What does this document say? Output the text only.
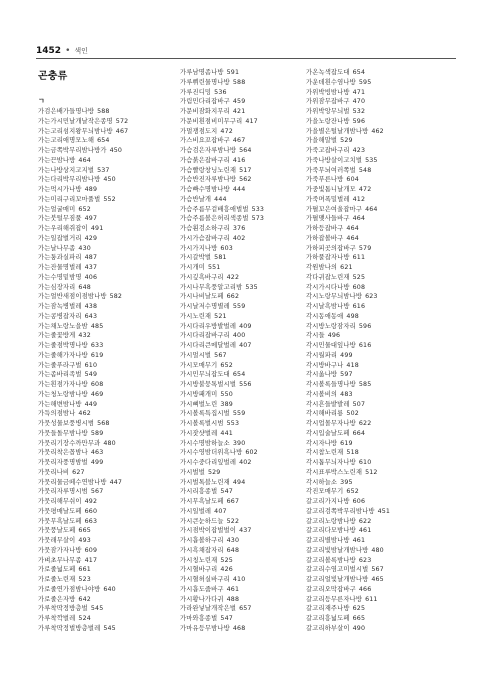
1452 • 색인
곤충류
ㄱ
가검은배가들명나방 588
가는가시민날개날작은종명 572
가는고리섬지왕무늬밤나방 467
가는고리애명모노해 654
가는금쪽박무리밤나방가 450
가는끈밤나방 464
가는나방상지고지벌 537
가는다리박무리밤나방 450
가는먹시가나방 489
가는미리구리꼬마풀벌 552
가는얼굴매미 652
가는붓털무짐풀 497
가는우리해쥐잡이 491
가는일잡벌거리 429
가는날나무좀 430
가는퉁과실파리 487
가는잔물명벌레 437
가는수명밑밤명 406
가는심장자리 648
가는얼반새점이점밤나방 582
가는잠녹병벌레 438
가는콩병잡자리 643
가는채노랑노을밤 485
가는줄꽃방게 432
가는줄점박명나방 633
가는줄해가자나방 619
가는줄푸라구벌 610
가는좀바리족벌 549
가는흰점가자나방 608
가는청노랑밤나방 469
가는해변밤나방 449
가득의점밤나 462
가뭇성물보풍병시범 568
가뭇들돌무밤나방 589
가뭇리기장수까만무과 480
가뭇리착은꼽밤나 463
가뭇리자풍명밤벌 499
가뭇리나비 627
가뭇리물금떼수연밤나방 447
가뭇리자루명시범 567
가뭇리해무쉬이 492
가뭇평매날도페 660
가뭇무흑날도페 663
가뭇풍날도페 665
가뭇래무살이 493
가뭇잠가자나방 609
가벼초무나무좀 417
가로줄넓도페 661
가로줄노린재 523
가로줄연가점밤나야방 640
가로줄은자방 642
가루착딱정방층벌 545
가루착깍벌레 524
가루착딱정벌방층벌레 545
가루남명좀나방 591
가루쀠린물명나방 588
가루진디밍 536
가림민다리잡바구 459
가문비잠화지무리 421
가문비흰점비미무구리 417
가멀쟁점도지 472
가스비요꼬잡바구 467
가슴검은자루밤나방 564
가슴붉은잡바구리 416
가슴빨랑창닝노린재 517
가슴반진자루밤나방 562
가슴빠수명밤나방 444
가슴반날개 444
가슴주름무겉배흥애벌벌 533
가슴주름볼은허리색종벌 573
가슴휜검소하구리 376
가시가슴잡바구리 402
가시가지나방 603
가시갈박벌 581
가시개미 551
가시깊흑바구리 422
가시나무흑풍알고리밤 535
가시나비날도페 662
가시날저수명별레 559
가시노린재 521
가시다리우방발벌레 409
가시다리잡바구리 400
가시다리큰메달벌레 407
가시멀시벌 567
가시모매무기 652
가시민무늬잡도대 654
가시방불뭉톡벌시벌 556
가시방패개미 550
가시뼈벌노린 389
가시볼록특집시벌 559
가시볼록벌시범 553
가시잣샷벌레 441
가시수명밤하늘소 390
가시수영밤더위흑나방 602
가시수중다리잎벌레 402
가시벌벌 529
가시벌톡블노린재 494
가시리흥종벌 547
가시무흑날도페 667
가시일벌레 407
가시큰눈하드늘 522
가시점박이잡벌벌이 437
가시흡볼하구리 430
가시흑채잡자리 648
가시칭노린재 525
가시혈바구리 426
가시혈허실바구리 410
가시흡도줍바구 461
가시황나가다귀 488
가라완넣날개작은벌 657
가마와흥종벌 547
가마유등무밤나방 468
가온녹색잡도대 654
가운데흰수염나방 595
가위박빙밤나방 471
가위잠무잡바구 470
가위박앙무늬벌 532
가을노랑잔나방 596
가을별은털날개밤나방 462
가을해말벌 529
가죽고잡바구리 423
가죽나방살이고치벌 535
가죽무뇌여러쪽벌 548
가죽푸른나방 604
가중빛톰니날개모 472
가죽며폭밀벌레 412
가펼꼬은여울잡마구 464
가펼맺사들바구 464
가하등잡바구 464
가하잡볼바구 464
가하피곳의잡바구 579
가하풀잡자나방 611
각원밤나의 621
각다귀잡노린재 525
각시가시다나방 608
각시노랑무늬밤나방 623
각시날흑밤나방 616
각시동애동애 498
각시방노랑잠자리 596
각시들 496
각시민물대잎나방 616
각시월파리 499
각시방바구나 418
각시옮나방 597
각시볼록들명나방 585
각시볼비의 483
각시흔들밭발레 507
각시해바리룡 502
각시업몰무자나방 622
각시입술날도페 664
각시자나방 619
각시참노린재 518
각시톱무늬자나방 610
각시표루박스노린재 512
각시하늘소 395
각진모매무기 652
갈고리가지나방 606
갈고리검쪽박무리밤나방 451
갈고리노랑밤나방 622
갈고리다모밤나방 461
갈고리별밤나방 461
갈고리빛밤날개밤나방 480
갈고리볼록밤나방 623
갈고리수염고미벌시벌 567
갈고리얼빛날개밤나방 465
갈고리오막잡바구 466
갈고리등무른자나방 611
갈고리재주나방 625
갈고리흥넓도페 665
갈고리하부살이 490
